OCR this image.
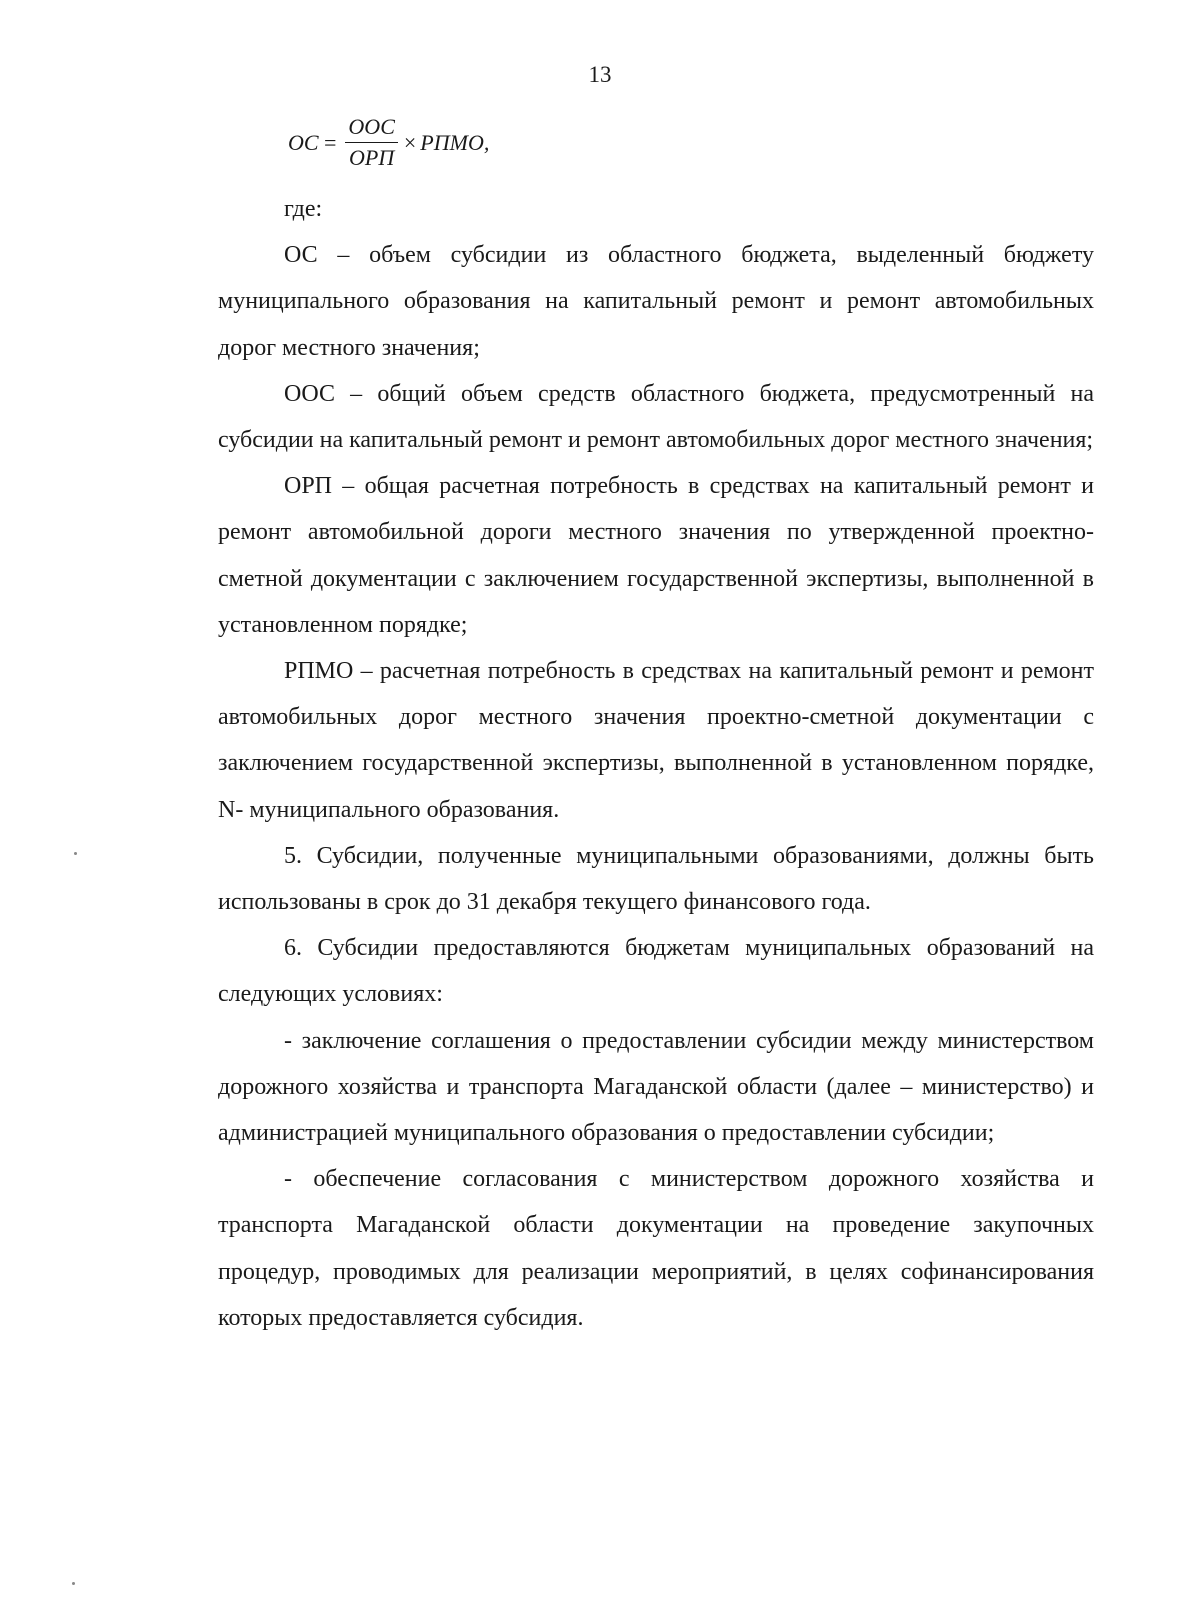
13
ОС = $\frac{\text{ООС}}{\text{ОРП}}$ × РПМО,

где:

ОС – объем субсидии из областного бюджета, выделенный бюджету муниципального образования на капитальный ремонт и ремонт автомобильных дорог местного значения;

ООС – общий объем средств областного бюджета, предусмотренный на субсидии на капитальный ремонт и ремонт автомобильных дорог местного значения;

ОРП – общая расчетная потребность в средствах на капитальный ремонт и ремонт автомобильной дороги местного значения по утвержденной проектно-сметной документации с заключением государственной экспертизы, выполненной в установленном порядке;

РПМО – расчетная потребность в средствах на капитальный ремонт и ремонт автомобильных дорог местного значения проектно-сметной документации с заключением государственной экспертизы, выполненной в установленном порядке, N- муниципального образования.

5. Субсидии, полученные муниципальными образованиями, должны быть использованы в срок до 31 декабря текущего финансового года.

6. Субсидии предоставляются бюджетам муниципальных образований на следующих условиях:

- заключение соглашения о предоставлении субсидии между министерством дорожного хозяйства и транспорта Магаданской области (далее – министерство) и администрацией муниципального образования о предоставлении субсидии;

- обеспечение согласования с министерством дорожного хозяйства и транспорта Магаданской области документации на проведение закупочных процедур, проводимых для реализации мероприятий, в целях софинансирования которых предоставляется субсидия.
